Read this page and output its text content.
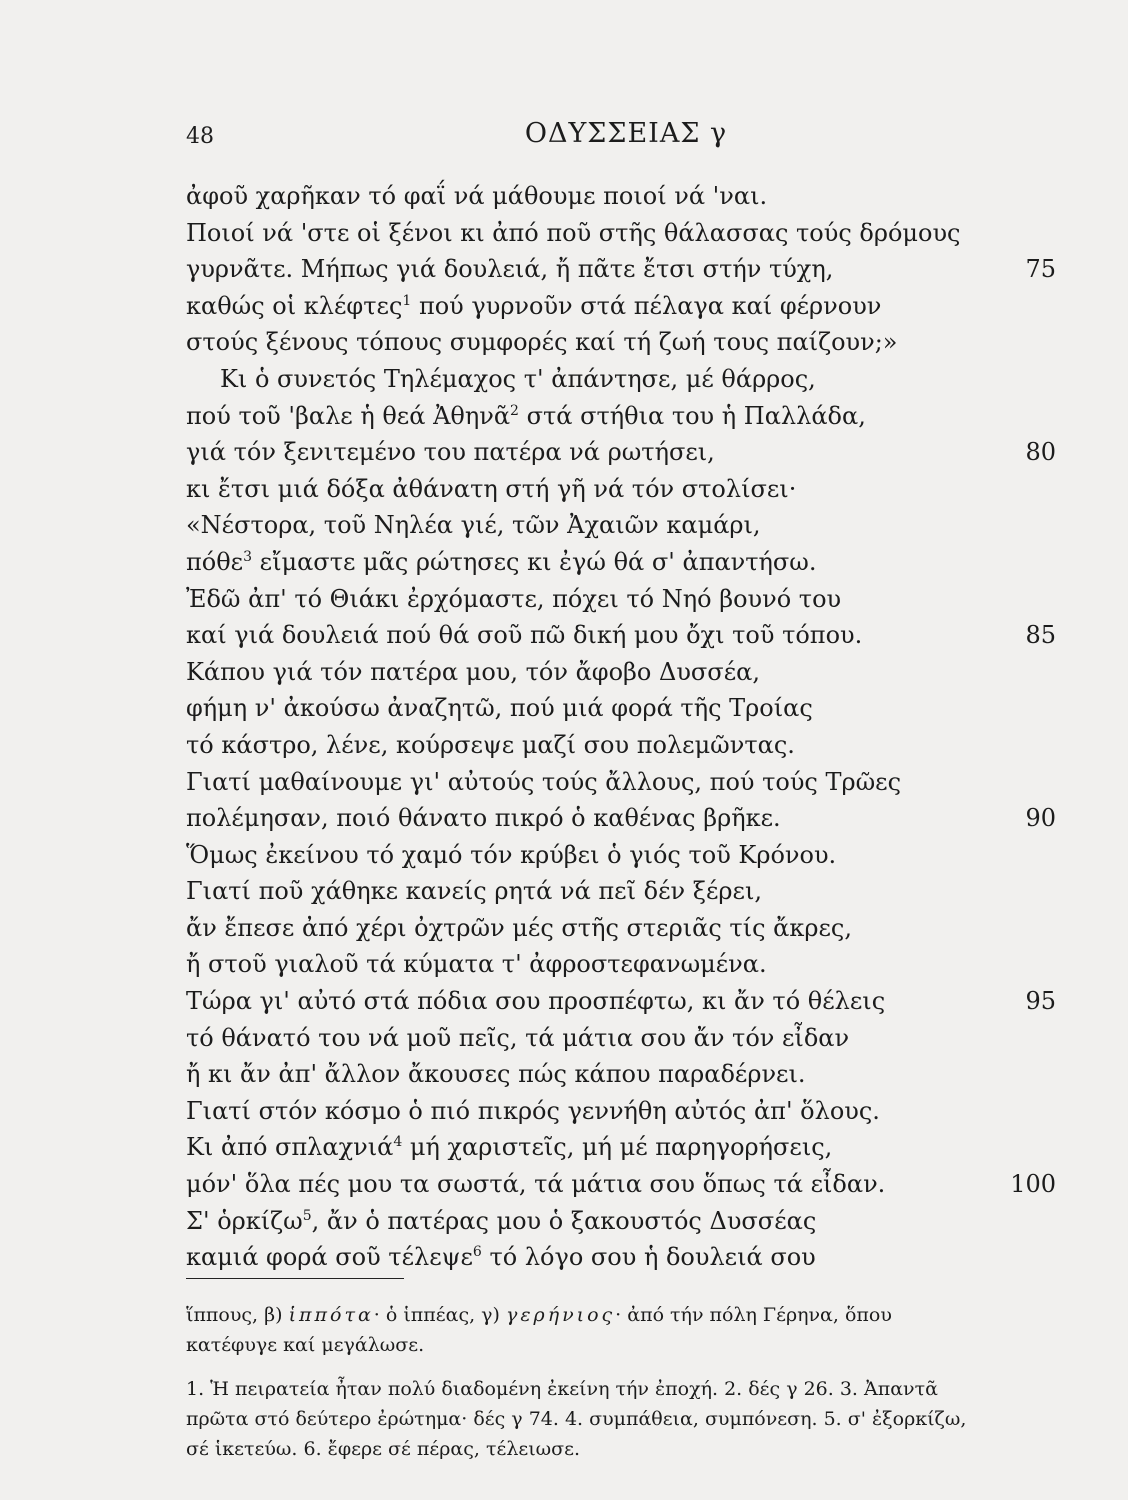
48	ΟΔΥΣΣΕΙΑΣ γ
ἀφοῦ χαρῆκαν τό φαΐ νά μάθουμε ποιοί νά 'ναι.
Ποιοί νά 'στε οἱ ξένοι κι ἀπό ποῦ στῆς θάλασσας τούς δρόμους
γυρνᾶτε. Μήπως γιά δουλειά, ἤ πᾶτε ἔτσι στήν τύχη,	75
καθώς οἱ κλέφτες$^1$ πού γυρνοῦν στά πέλαγα καί φέρνουν
στούς ξένους τόπους συμφορές καί τή ζωή τους παίζουν;»
Κι ὁ συνετός Τηλέμαχος τ' ἀπάντησε, μέ θάρρος,
πού τοῦ 'βαλε ἡ θεά Ἀθηνᾶ$^2$ στά στήθια του ἡ Παλλάδα,
γιά τόν ξενιτεμένο του πατέρα νά ρωτήσει,	80
κι ἔτσι μιά δόξα ἀθάνατη στή γῆ νά τόν στολίσει·
«Νέστορα, τοῦ Νηλέα γιέ, τῶν Ἀχαιῶν καμάρι,
πόθε$^3$ εἴμαστε μᾶς ρώτησες κι ἐγώ θά σ' ἀπαντήσω.
Ἐδῶ ἀπ' τό Θιάκι ἐρχόμαστε, πόχει τό Νηό βουνό του
καί γιά δουλειά πού θά σοῦ πῶ δική μου ὄχι τοῦ τόπου.	85
Κάπου γιά τόν πατέρα μου, τόν ἄφοβο Δυσσέα,
φήμη ν' ἀκούσω ἀναζητῶ, πού μιά φορά τῆς Τροίας
τό κάστρο, λένε, κούρσεψε μαζί σου πολεμῶντας.
Γιατί μαθαίνουμε γι' αὐτούς τούς ἄλλους, πού τούς Τρῶες
πολέμησαν, ποιό θάνατο πικρό ὁ καθένας βρῆκε.	90
Ὅμως ἐκείνου τό χαμό τόν κρύβει ὁ γιός τοῦ Κρόνου.
Γιατί ποῦ χάθηκε κανείς ρητά νά πεῖ δέν ξέρει,
ἄν ἔπεσε ἀπό χέρι ὀχτρῶν μές στῆς στεριᾶς τίς ἄκρες,
ἤ στοῦ γιαλοῦ τά κύματα τ' ἀφροστεφανωμένα.
Τώρα γι' αὐτό στά πόδια σου προσπέφτω, κι ἄν τό θέλεις	95
τό θάνατό του νά μοῦ πεῖς, τά μάτια σου ἄν τόν εἶδαν
ἤ κι ἄν ἀπ' ἄλλον ἄκουσες πώς κάπου παραδέρνει.
Γιατί στόν κόσμο ὁ πιό πικρός γεννήθη αὐτός ἀπ' ὅλους.
Κι ἀπό σπλαχνιά$^4$ μή χαριστεῖς, μή μέ παρηγορήσεις,
μόν' ὅλα πές μου τα σωστά, τά μάτια σου ὅπως τά εἶδαν.	100
Σ' ὁρκίζω$^5$, ἄν ὁ πατέρας μου ὁ ξακουστός Δυσσέας
καμιά φορά σοῦ τέλεψε$^6$ τό λόγο σου ἡ δουλειά σου
ἵππους, β) ἱππότα· ὁ ἱππέας, γ) γερήνιος· ἀπό τήν πόλη Γέρηνα, ὅπου
κατέφυγε καί μεγάλωσε.
1. Ἡ πειρατεία ἦταν πολύ διαδομένη ἐκείνη τήν ἐποχή. 2. δές γ 26. 3. Ἀπαντᾶ
πρῶτα στό δεύτερο ἐρώτημα· δές γ 74. 4. συμπάθεια, συμπόνεση. 5. σ' ἐξορκίζω,
σέ ἱκετεύω. 6. ἔφερε σέ πέρας, τέλειωσε.
